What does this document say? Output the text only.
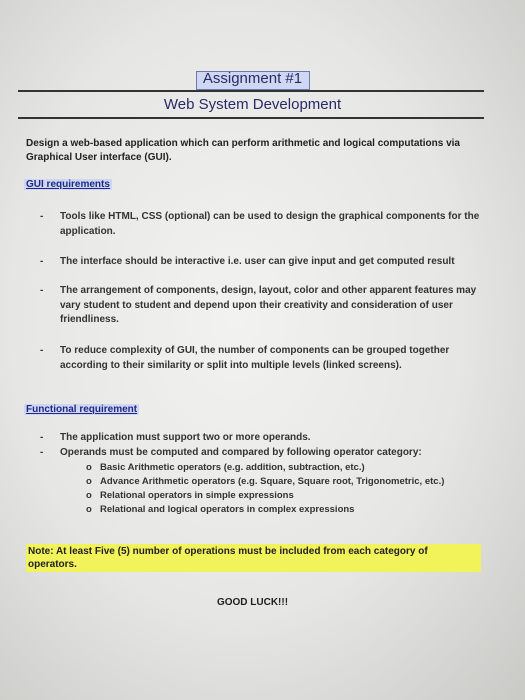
Assignment #1
Web System Development
Design a web-based application which can perform arithmetic and logical computations via Graphical User interface (GUI).
GUI requirements
- Tools like HTML, CSS (optional) can be used to design the graphical components for the application.
- The interface should be interactive i.e. user can give input and get computed result
- The arrangement of components, design, layout, color and other apparent features may vary student to student and depend upon their creativity and consideration of user friendliness.
- To reduce complexity of GUI, the number of components can be grouped together according to their similarity or split into multiple levels (linked screens).
Functional requirement
- The application must support two or more operands.
- Operands must be computed and compared by following operator category:
o Basic Arithmetic operators (e.g. addition, subtraction, etc.)
o Advance Arithmetic operators (e.g. Square, Square root, Trigonometric, etc.)
o Relational operators in simple expressions
o Relational and logical operators in complex expressions
Note: At least Five (5) number of operations must be included from each category of operators.
GOOD LUCK!!!
